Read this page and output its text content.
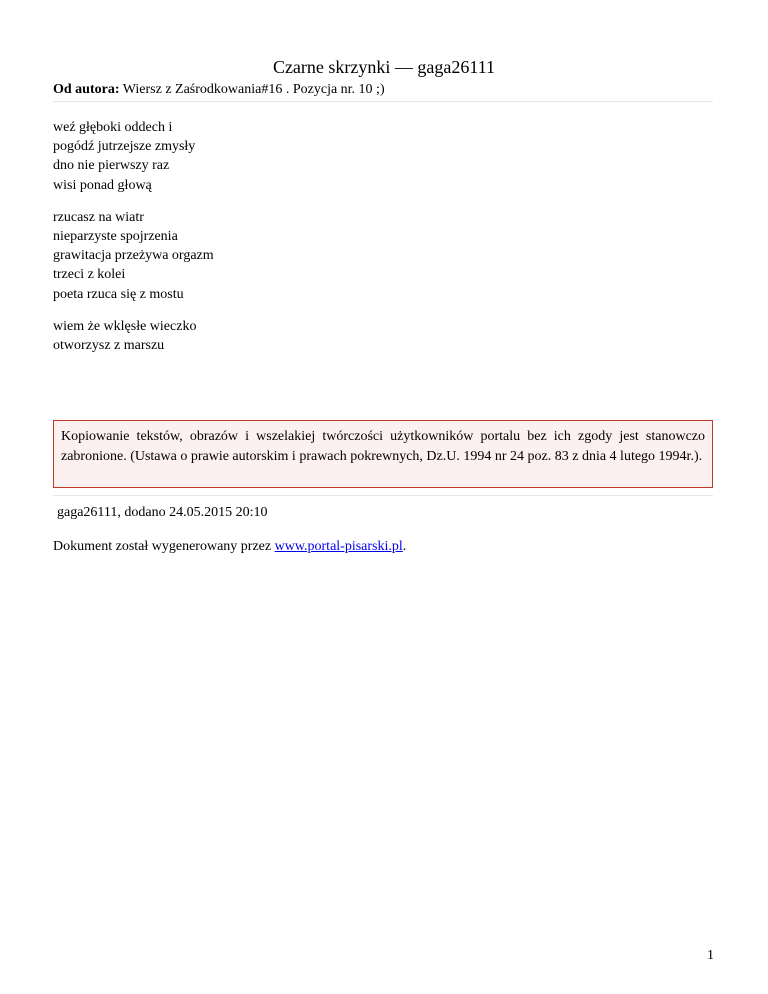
Czarne skrzynki — gaga26111
Od autora: Wiersz z Zaśrodkowania#16 . Pozycja nr. 10 ;)
weź głęboki oddech i
pogódź jutrzejsze zmysły
dno nie pierwszy raz
wisi ponad głową
rzucasz na wiatr
nieparzyste spojrzenia
grawitacja przeżywa orgazm
trzeci z kolei
poeta rzuca się z mostu
wiem że wklęsłe wieczko
otworzysz z marszu
Kopiowanie tekstów, obrazów i wszelakiej twórczości użytkowników portalu bez ich zgody jest stanowczo zabronione. (Ustawa o prawie autorskim i prawach pokrewnych, Dz.U. 1994 nr 24 poz. 83 z dnia 4 lutego 1994r.).
gaga26111, dodano 24.05.2015 20:10
Dokument został wygenerowany przez www.portal-pisarski.pl.
1
